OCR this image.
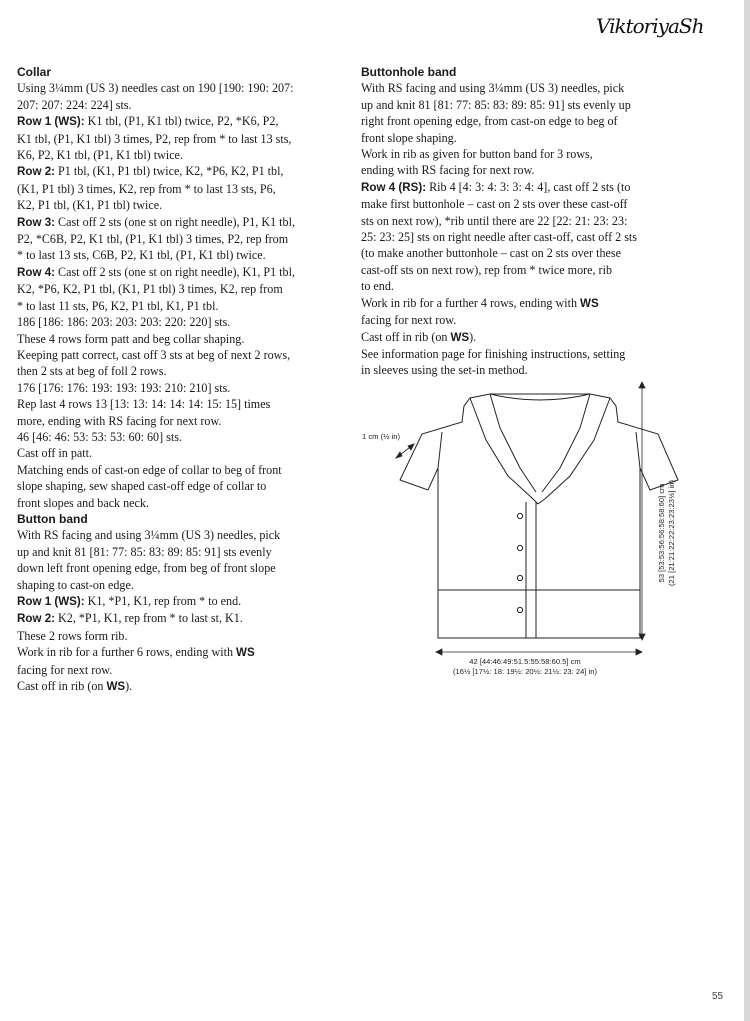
ViktoriyaSh
Collar
Using 3¼mm (US 3) needles cast on 190 [190: 190: 207:
207: 207: 224: 224] sts.
Row 1 (WS): K1 tbl, (P1, K1 tbl) twice, P2, *K6, P2,
K1 tbl, (P1, K1 tbl) 3 times, P2, rep from * to last 13 sts,
K6, P2, K1 tbl, (P1, K1 tbl) twice.
Row 2: P1 tbl, (K1, P1 tbl) twice, K2, *P6, K2, P1 tbl,
(K1, P1 tbl) 3 times, K2, rep from * to last 13 sts, P6,
K2, P1 tbl, (K1, P1 tbl) twice.
Row 3: Cast off 2 sts (one st on right needle), P1, K1 tbl,
P2, *C6B, P2, K1 tbl, (P1, K1 tbl) 3 times, P2, rep from
* to last 13 sts, C6B, P2, K1 tbl, (P1, K1 tbl) twice.
Row 4: Cast off 2 sts (one st on right needle), K1, P1 tbl,
K2, *P6, K2, P1 tbl, (K1, P1 tbl) 3 times, K2, rep from
* to last 11 sts, P6, K2, P1 tbl, K1, P1 tbl.
186 [186: 186: 203: 203: 203: 220: 220] sts.
These 4 rows form patt and beg collar shaping.
Keeping patt correct, cast off 3 sts at beg of next 2 rows,
then 2 sts at beg of foll 2 rows.
176 [176: 176: 193: 193: 193: 210: 210] sts.
Rep last 4 rows 13 [13: 13: 14: 14: 14: 15: 15] times
more, ending with RS facing for next row.
46 [46: 46: 53: 53: 53: 60: 60] sts.
Cast off in patt.
Matching ends of cast-on edge of collar to beg of front
slope shaping, sew shaped cast-off edge of collar to
front slopes and back neck.
Button band
With RS facing and using 3¼mm (US 3) needles, pick
up and knit 81 [81: 77: 85: 83: 89: 85: 91] sts evenly
down left front opening edge, from beg of front slope
shaping to cast-on edge.
Row 1 (WS): K1, *P1, K1, rep from * to end.
Row 2: K2, *P1, K1, rep from * to last st, K1.
These 2 rows form rib.
Work in rib for a further 6 rows, ending with WS
facing for next row.
Cast off in rib (on WS).
Buttonhole band
With RS facing and using 3¼mm (US 3) needles, pick
up and knit 81 [81: 77: 85: 83: 89: 85: 91] sts evenly up
right front opening edge, from cast-on edge to beg of
front slope shaping.
Work in rib as given for button band for 3 rows,
ending with RS facing for next row.
Row 4 (RS): Rib 4 [4: 3: 4: 3: 3: 4: 4], cast off 2 sts (to
make first buttonhole – cast on 2 sts over these cast-off
sts on next row), *rib until there are 22 [22: 21: 23: 23:
25: 23: 25] sts on right needle after cast-off, cast off 2 sts
(to make another buttonhole – cast on 2 sts over these
cast-off sts on next row), rep from * twice more, rib
to end.
Work in rib for a further 4 rows, ending with WS
facing for next row.
Cast off in rib (on WS).
See information page for finishing instructions, setting
in sleeves using the set-in method.
1 cm (½ in)
42 [44:46:49:51.5:55:58:60.5] cm
(16½ [17½: 18: 19½: 20½: 21½: 23: 24] in)
53 [53:53:56:56:58:58:60] cm (21 [21:21:22:22:23:23:23½] in)
55
